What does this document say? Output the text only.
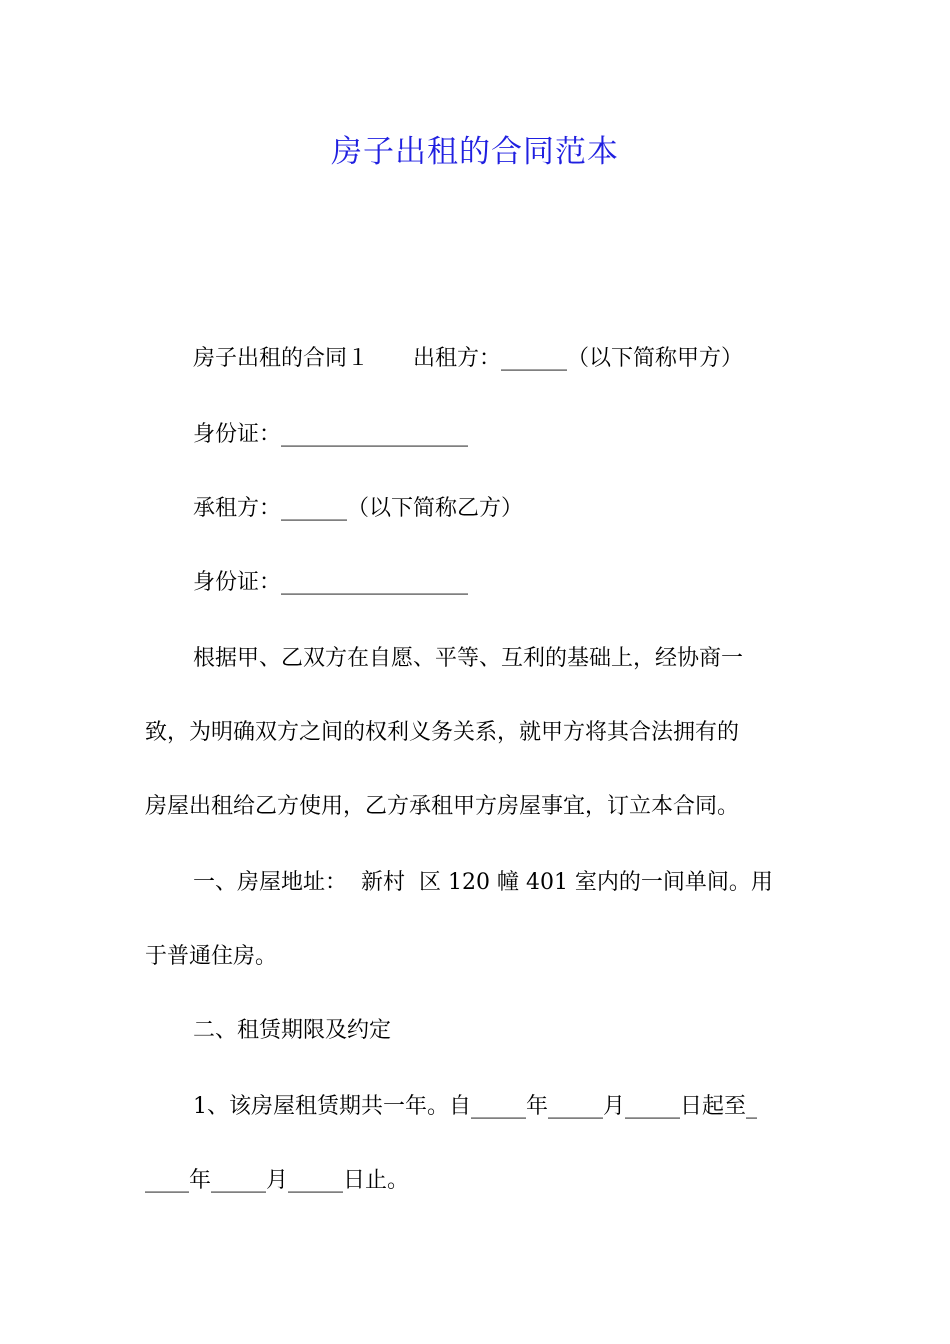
房子出租的合同范本
房子出租的合同１　　出租方：______（以下简称甲方）
身份证：_________________
承租方：______（以下简称乙方）
身份证：_________________
根据甲、乙双方在自愿、平等、互利的基础上，经协商一
致，为明确双方之间的权利义务关系，就甲方将其合法拥有的
房屋出租给乙方使用，乙方承租甲方房屋事宜，订立本合同。
一、房屋地址：  新村  区 120 幢 401 室内的一间单间。用
于普通住房。
二、租赁期限及约定
1、该房屋租赁期共一年。自_____年_____月_____日起至_
____年_____月_____日止。
